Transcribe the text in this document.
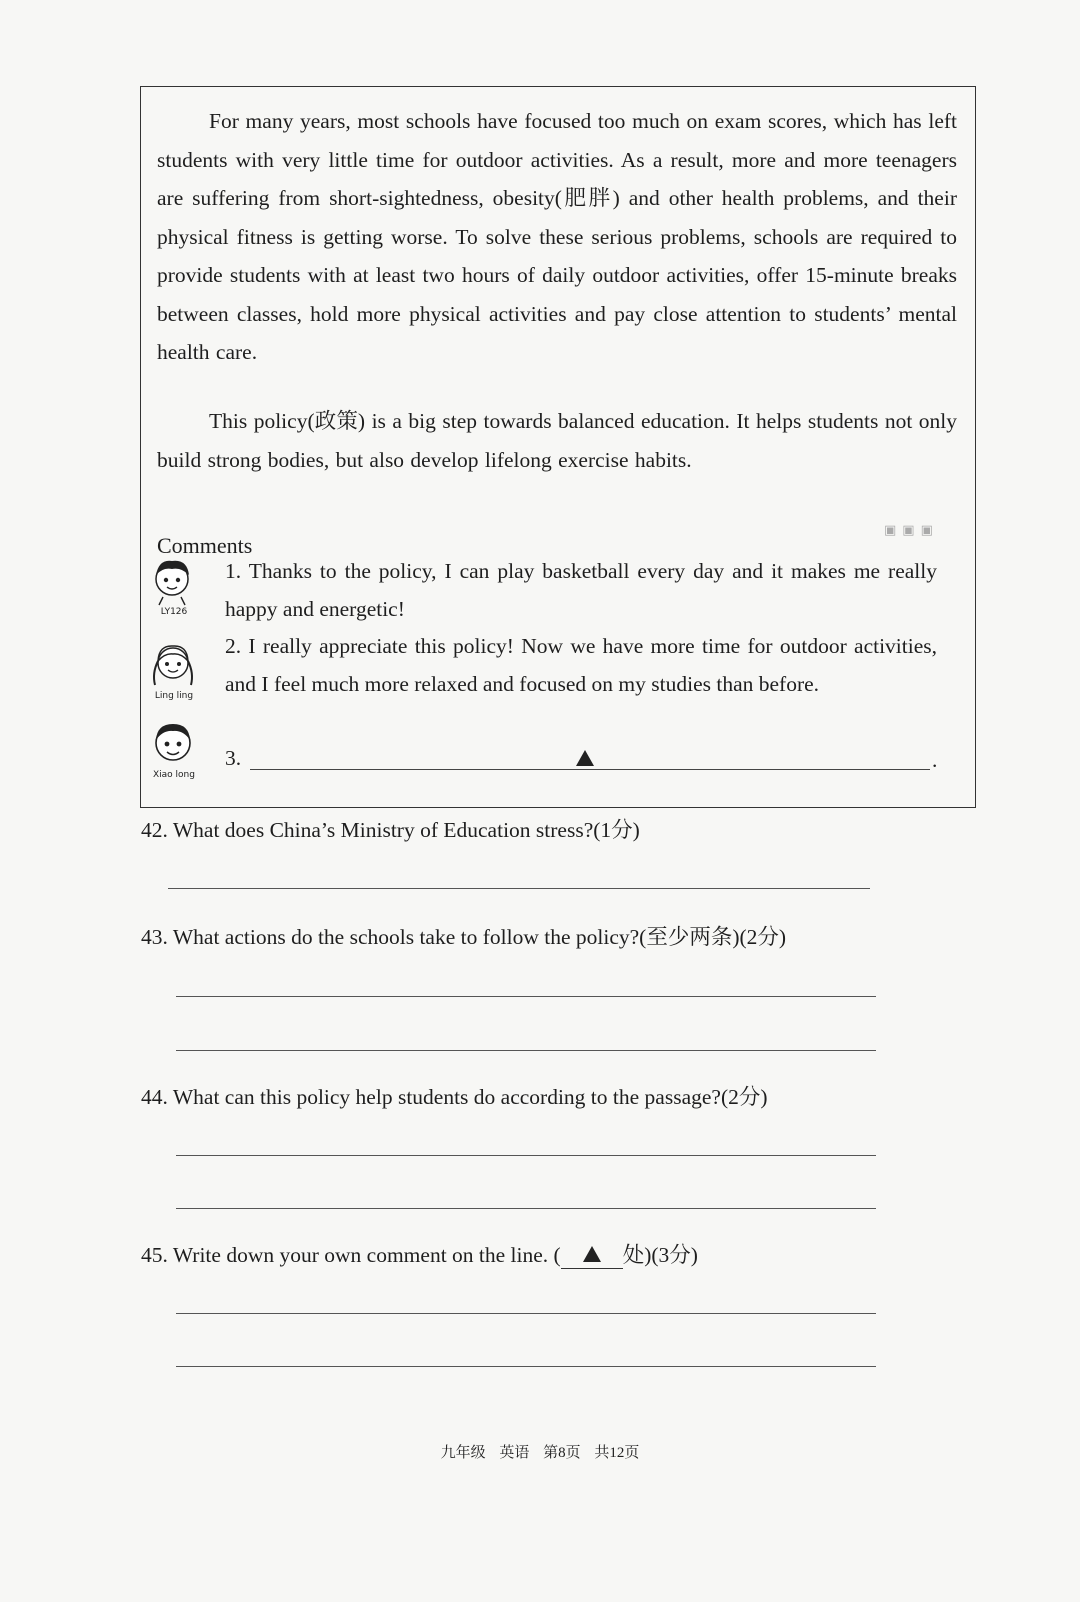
For many years, most schools have focused too much on exam scores, which has left students with very little time for outdoor activities. As a result, more and more teenagers are suffering from short-sightedness, obesity(肥胖) and other health problems, and their physical fitness is getting worse. To solve these serious problems, schools are required to provide students with at least two hours of daily outdoor activities, offer 15-minute breaks between classes, hold more physical activities and pay close attention to students’ mental health care.
This policy(政策) is a big step towards balanced education. It helps students not only build strong bodies, but also develop lifelong exercise habits.
▣▣▣
Comments
LY126
1. Thanks to the policy, I can play basketball every day and it makes me really happy and energetic!
Ling ling
2. I really appreciate this policy! Now we have more time for outdoor activities, and I feel much more relaxed and focused on my studies than before.
Xiao long
3.	.
42. What does China’s Ministry of Education stress?(1分)
43. What actions do the schools take to follow the policy?(至少两条)(2分)
44. What can this policy help students do according to the passage?(2分)
45. Write down your own comment on the line. (	处)(3分)
九年级 英语 第8页 共12页
